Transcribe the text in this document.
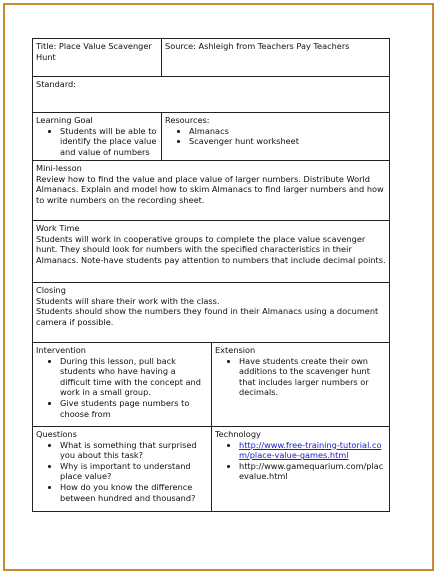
Title: Place Value Scavenger Hunt

Source: Ashleigh from Teachers Pay Teachers

Standard:

Learning Goal

• Students will be able to identify the place value and value of numbers

Resources:

• Almanacs
• Scavenger hunt worksheet

Mini-lesson

Review how to find the value and place value of larger numbers. Distribute World Almanacs. Explain and model how to skim Almanacs to find larger numbers and how to write numbers on the recording sheet.

Work Time

Students will work in cooperative groups to complete the place value scavenger hunt. They should look for numbers with the specified characteristics in their Almanacs. Note-have students pay attention to numbers that include decimal points.

Closing

Students will share their work with the class.

Students should show the numbers they found in their Almanacs using a document camera if possible.

Intervention

• During this lesson, pull back students who have having a difficult time with the concept and work in a small group.
• Give students page numbers to choose from

Extension

• Have students create their own additions to the scavenger hunt that includes larger numbers or decimals.

Questions

• What is something that surprised you about this task?
• Why is important to understand place value?
• How do you know the difference between hundred and thousand?

Technology

• http://www.free-training-tutorial.com/place-value-games.html
• http://www.gamequarium.com/placevalue.html
